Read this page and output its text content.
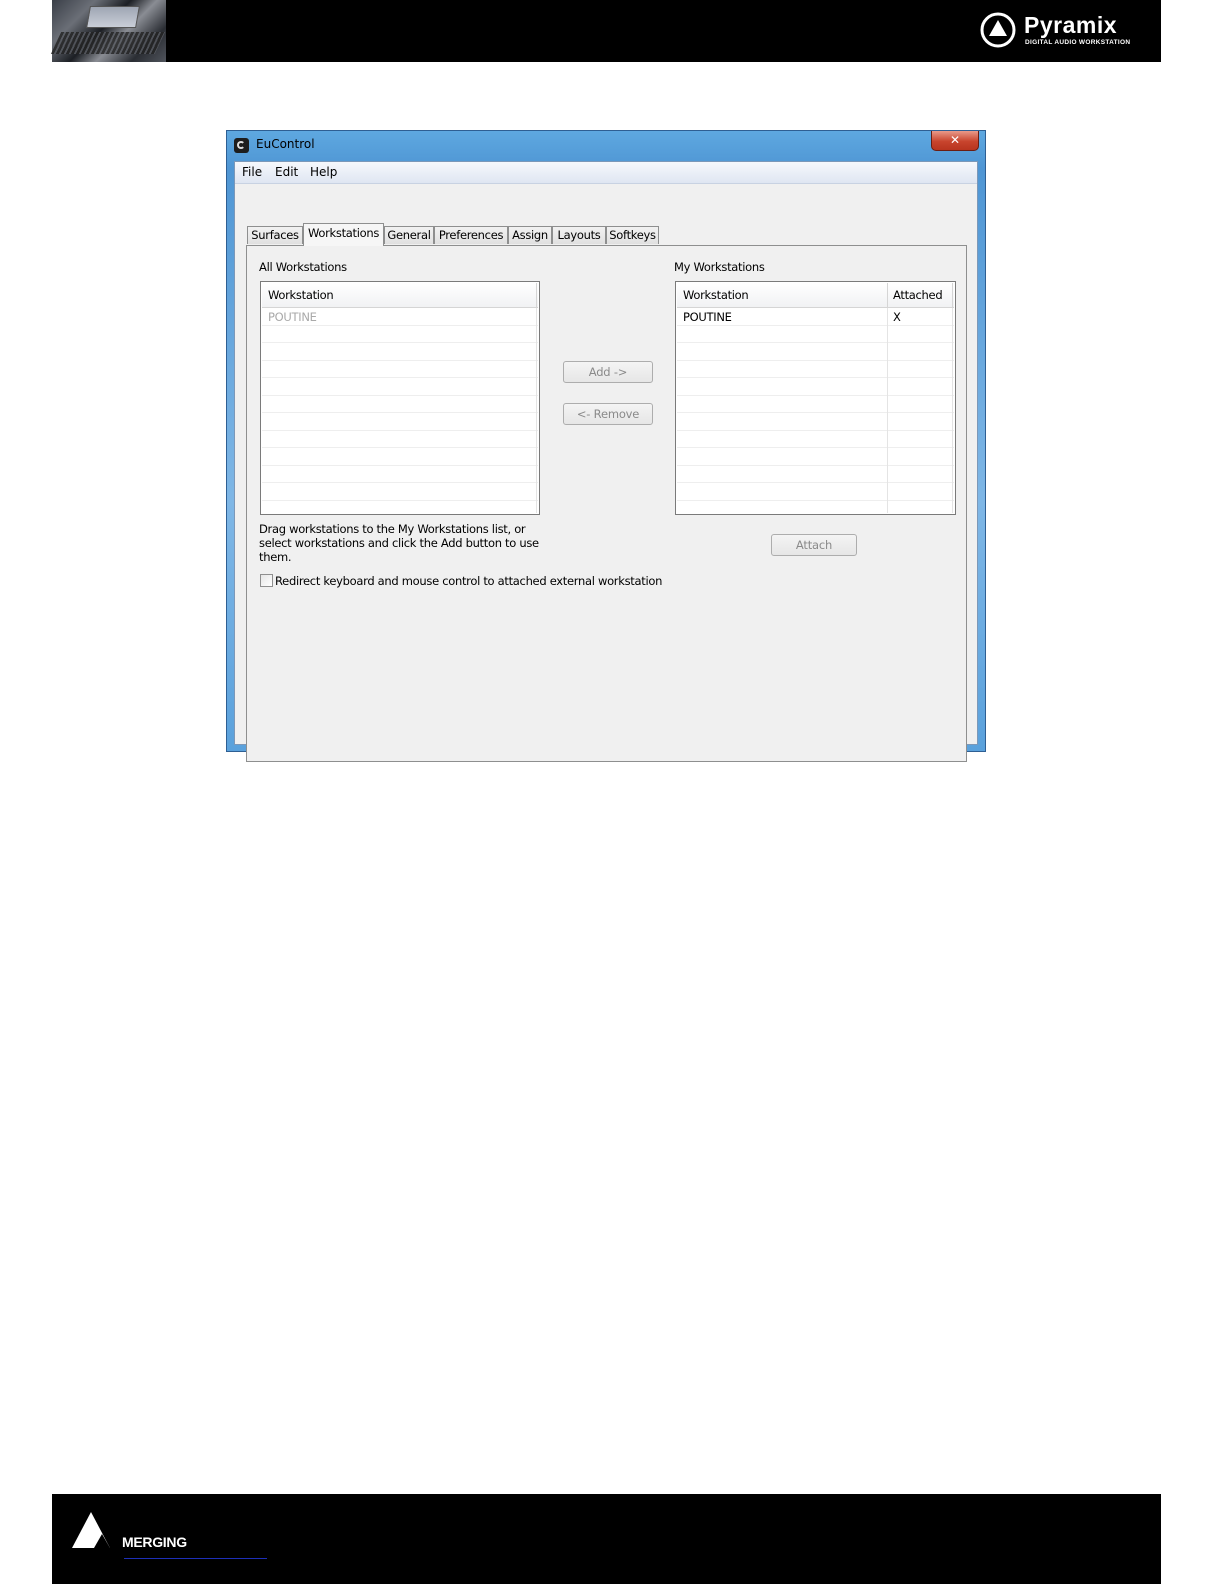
Pyramix
DIGITAL AUDIO WORKSTATION
EuControl	✕
File Edit Help
Surfaces Workstations General Preferences Assign Layouts Softkeys
All Workstations
Workstation
POUTINE
Add ->
<- Remove
My Workstations
Workstation	Attached
POUTINE	X
Attach
Drag workstations to the My Workstations list, or
select workstations and click the Add button to use
them.
Redirect keyboard and mouse control to attached external workstation
MERGING
